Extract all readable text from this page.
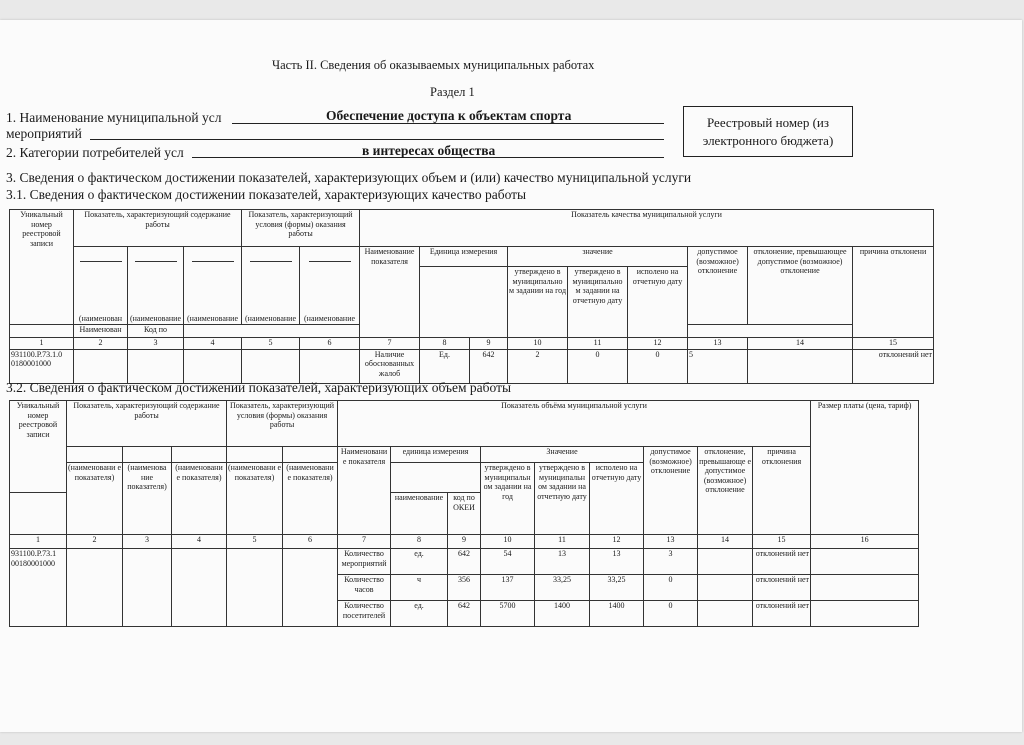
Часть II. Сведения об оказываемых муниципальных работах
Раздел 1
1. Наименование муниципальной усл	Обеспечение доступа к объектам спорта
мероприятий
2. Категории потребителей усл	в интересах общества
Реестровый номер (из электронного бюджета)
3. Сведения о фактическом достижении показателей, характеризующих объем и (или) качество муниципальной услуги
3.1. Сведения о фактическом достижении показателей, характеризующих качество работы
Уникальный номер реестровой записи	Показатель, характеризующий содержание работы			Показатель, характеризующий условия (формы) оказания работы		Показатель качества муниципальной услуги								

(наименован	(наименование	(наименование	(наименование	(наименование	Наименование показателя	Единица измерения		значение			допустимое (возможное) отклонение	отклонение, превышающее допустимое (возможное) отклонение	причина отклонени
									утверждено в муниципально м задании на год	утверждено в муниципально м задании на отчетную дату	исполено на отчетную дату			
	Наименован	Код по												
1	2	3	4	5	6	7	8	9	10	11	12	13	14	15
931100.Р.73.1.0 0180001000						Наличие обоснованных жалоб	Ед.	642	2	0	0	5		отклонений нет
3.2. Сведения о фактическом достижении показателей, характеризующих объем работы
Уникальный номер реестровой записи	Показатель, характеризующий содержание работы			Показатель, характеризующий условия (формы) оказания работы		Показатель объёма муниципальной услуги									Размер платы (цена, тариф)
						Наименовани е показателя	единица измерения		Значение			допустимое (возможное) отклонение	отклонение, превышающе е допустимое (возможное) отклонение	причина отклонения	
	(наименовани е показателя)	(наименова ние показателя)	(наименовани е показателя)	(наименовани е показателя)	(наименовани е показателя)				утверждено в муниципальн ом задании на год	утверждено в муниципальн ом задании на отчетную дату	исполено на отчетную дату				
							наименование	код по ОКЕИ							
1	2	3	4	5	6	7	8	9	10	11	12	13	14	15	16
931100.Р.73.1 00180001000						Количество мероприятий	ед.	642	54	13	13	3		отклонений нет	
						Количество часов	ч	356	137	33,25	33,25	0		отклонений нет	
						Количество посетителей	ед.	642	5700	1400	1400	0		отклонений нет	
